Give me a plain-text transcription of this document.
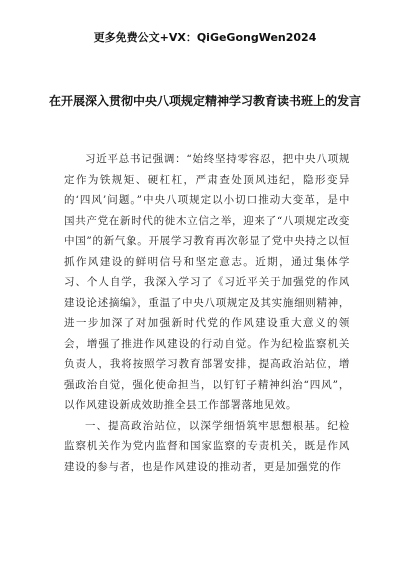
更多免费公文+VX：QiGeGongWen2024
在开展深入贯彻中央八项规定精神学习教育读书班上的发言

习近平总书记强调：“始终坚持零容忍，把中央八项规定作为铁规矩、硬杠杠，严肃查处顶风违纪，隐形变异的‘四风’问题。”中央八项规定以小切口推动大变革，是中国共产党在新时代的徙木立信之举，迎来了“八项规定改变中国”的新气象。开展学习教育再次彰显了党中央持之以恒抓作风建设的鲜明信号和坚定意志。近期，通过集体学习、个人自学，我深入学习了《习近平关于加强党的作风建设论述摘编》，重温了中央八项规定及其实施细则精神，进一步加深了对加强新时代党的作风建设重大意义的领会，增强了推进作风建设的行动自觉。作为纪检监察机关负责人，我将按照学习教育部署安排，提高政治站位，增强政治自觉，强化使命担当，以钉钉子精神纠治“四风”，以作风建设新成效助推全县工作部署落地见效。

一、提高政治站位，以深学细悟筑牢思想根基。纪检监察机关作为党内监督和国家监察的专责机关，既是作风建设的参与者，也是作风建设的推动者，更是加强党的作
